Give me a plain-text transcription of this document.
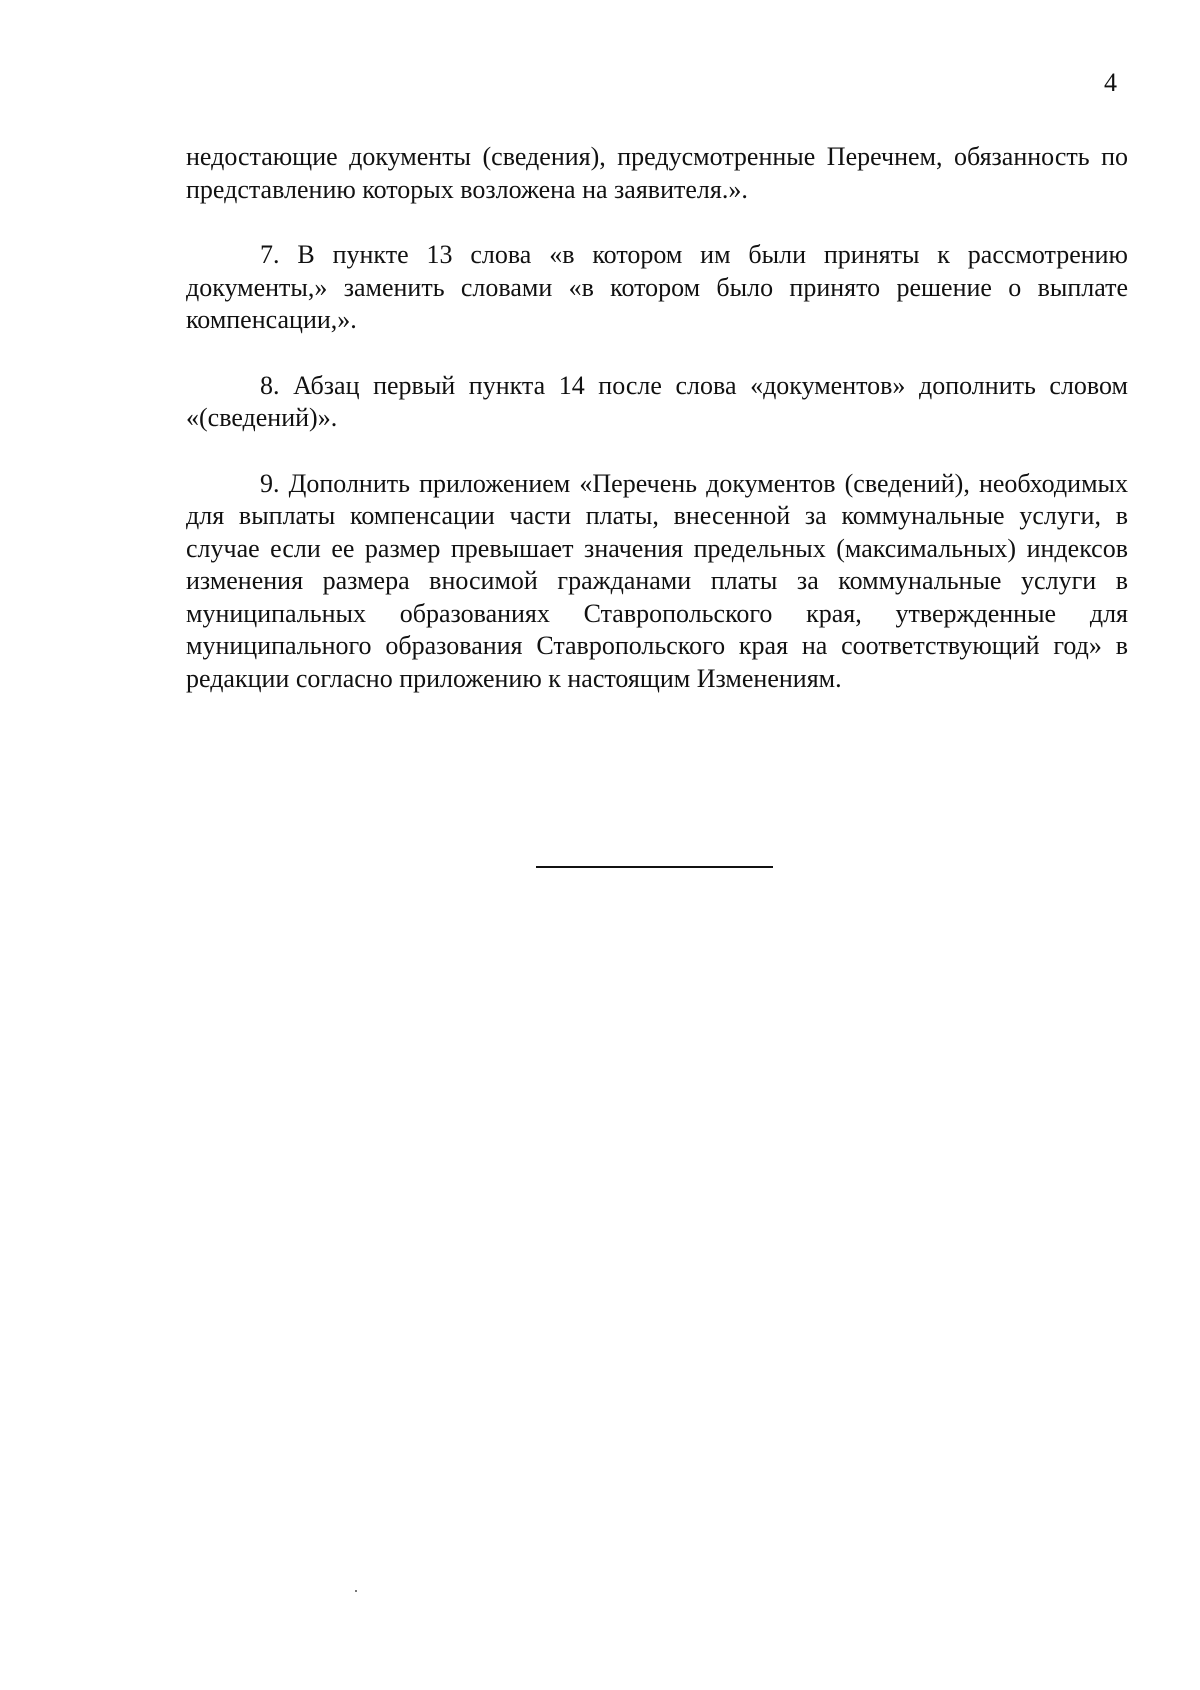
4

недостающие документы (сведения), предусмотренные Перечнем, обязанность по представлению которых возложена на заявителя.».

7. В пункте 13 слова «в котором им были приняты к рассмотрению документы,» заменить словами «в котором было принято решение о выплате компенсации,».

8. Абзац первый пункта 14 после слова «документов» дополнить словом «(сведений)».

9. Дополнить приложением «Перечень документов (сведений), необходимых для выплаты компенсации части платы, внесенной за коммунальные услуги, в случае если ее размер превышает значения предельных (максимальных) индексов изменения размера вносимой гражданами платы за коммунальные услуги в муниципальных образованиях Ставропольского края, утвержденные для муниципального образования Ставропольского края на соответствующий год» в редакции согласно приложению к настоящим Изменениям.
